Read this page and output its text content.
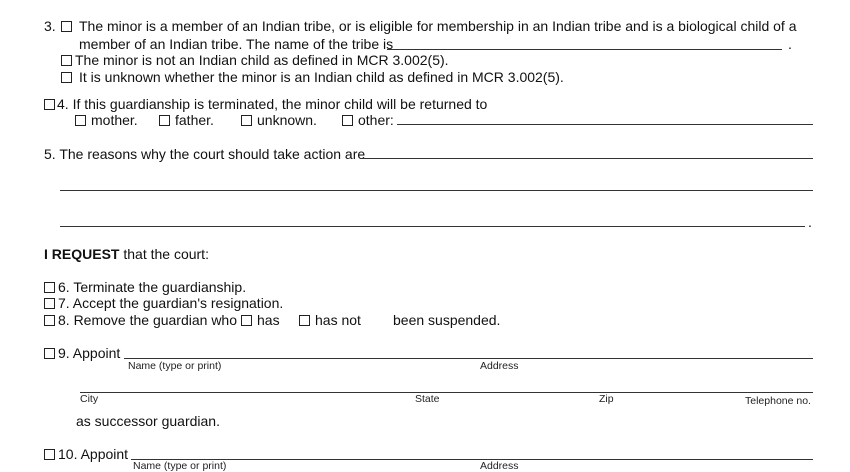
3. The minor is a member of an Indian tribe, or is eligible for membership in an Indian tribe and is a biological child of a
member of an Indian tribe. The name of the tribe is	.
The minor is not an Indian child as defined in MCR 3.002(5).
It is unknown whether the minor is an Indian child as defined in MCR 3.002(5).
4. If this guardianship is terminated, the minor child will be returned to
mother.	father.	unknown.	other:
5. The reasons why the court should take action are
.
I REQUEST that the court:
6. Terminate the guardianship.
7. Accept the guardian's resignation.
8. Remove the guardian who has	has not been suspended.
9. Appoint
Name (type or print)	Address
City	State	Zip	Telephone no.
as successor guardian.
10. Appoint
Name (type or print)	Address
